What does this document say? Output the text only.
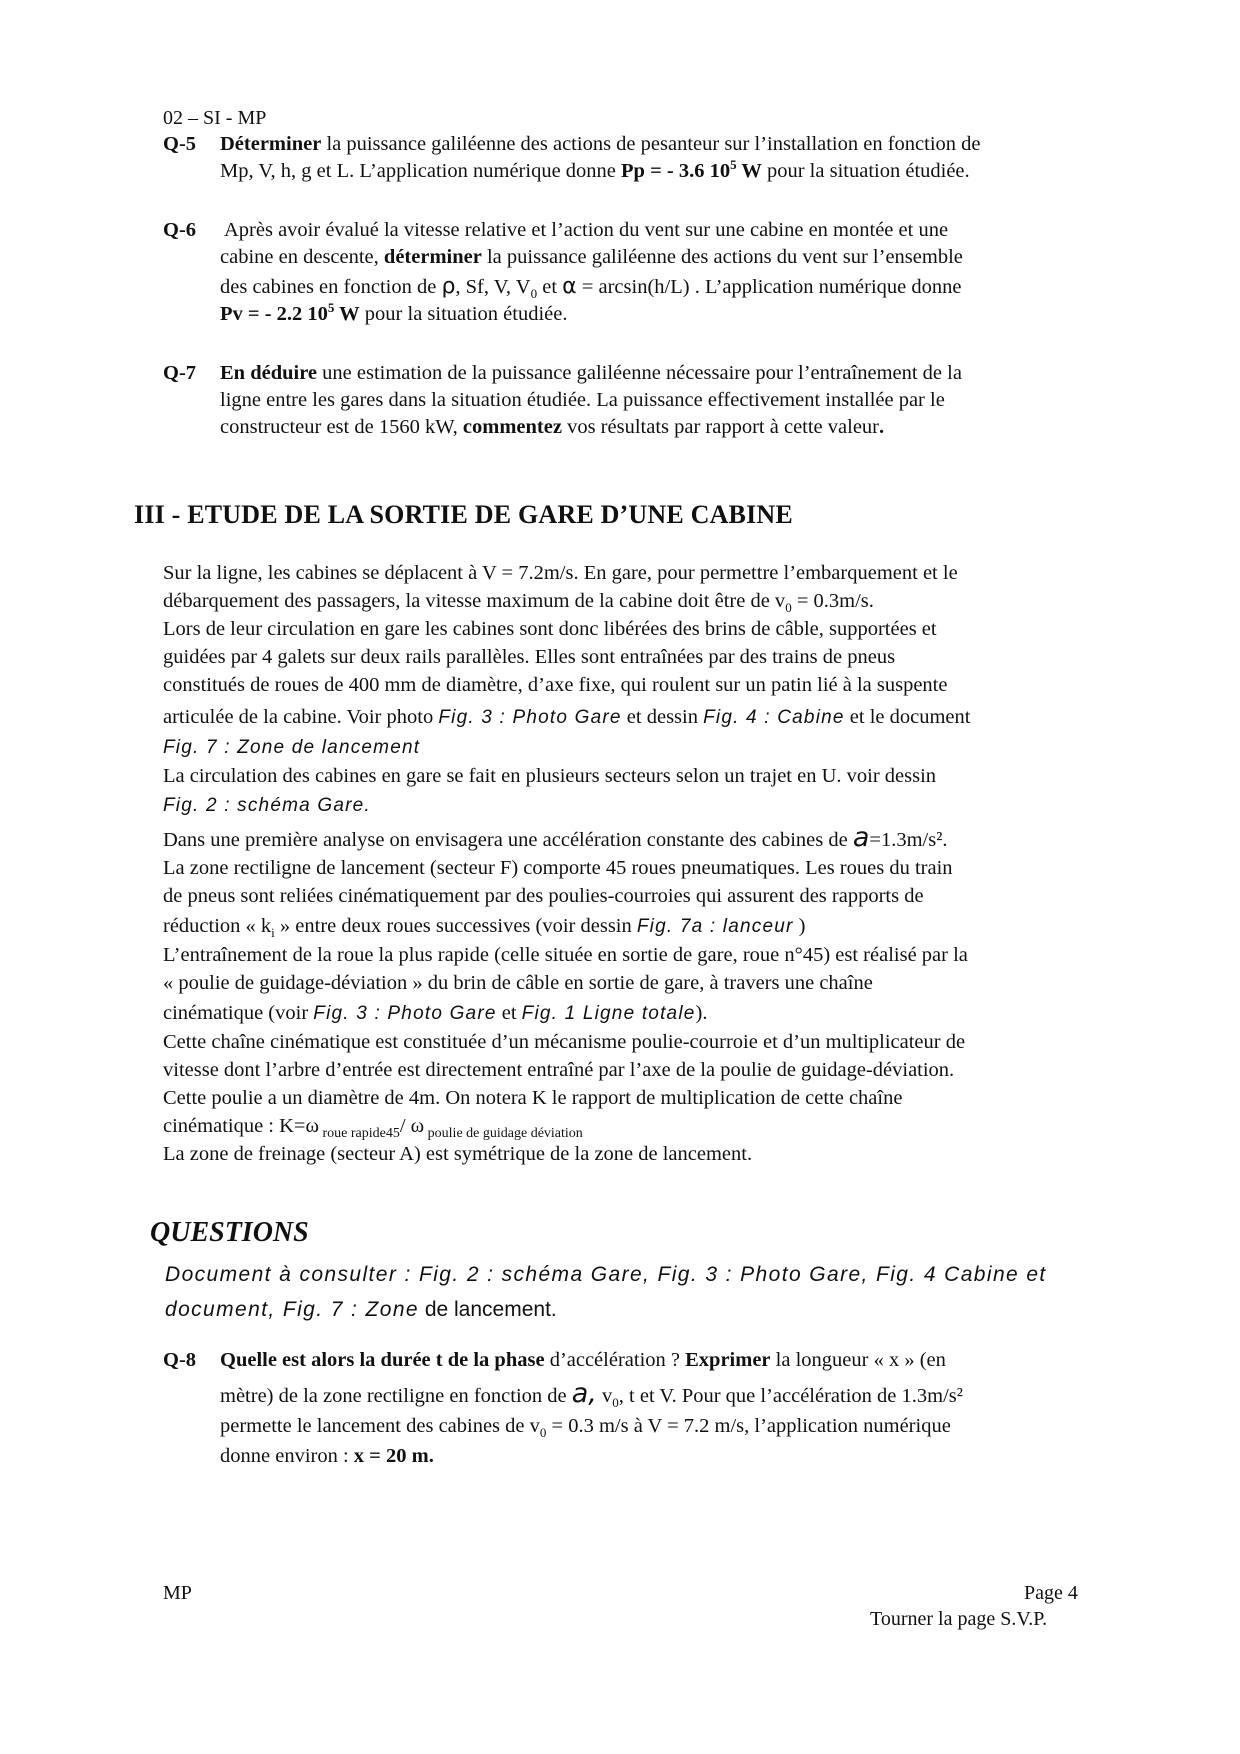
02 – SI - MP
Q-5 Déterminer la puissance galiléenne des actions de pesanteur sur l’installation en fonction de
Mp, V, h, g et L. L’application numérique donne Pp = - 3.6 $10^5$ W pour la situation étudiée.
Q-6 Après avoir évalué la vitesse relative et l’action du vent sur une cabine en montée et une
cabine en descente, déterminer la puissance galiléenne des actions du vent sur l’ensemble
des cabines en fonction de ρ, Sf, V, $V_0$ et α = arcsin(h/L) . L’application numérique donne
Pv = - 2.2 $10^5$ W pour la situation étudiée.
Q-7 En déduire une estimation de la puissance galiléenne nécessaire pour l’entraînement de la
ligne entre les gares dans la situation étudiée. La puissance effectivement installée par le
constructeur est de 1560 kW, commentez vos résultats par rapport à cette valeur.
III - ETUDE DE LA SORTIE DE GARE D’UNE CABINE
Sur la ligne, les cabines se déplacent à V = 7.2m/s. En gare, pour permettre l’embarquement et le
débarquement des passagers, la vitesse maximum de la cabine doit être de $v_0 = 0.3m/s$.
Lors de leur circulation en gare les cabines sont donc libérées des brins de câble, supportées et
guidées par 4 galets sur deux rails parallèles. Elles sont entraînées par des trains de pneus
constitués de roues de 400 mm de diamètre, d’axe fixe, qui roulent sur un patin lié à la suspente
articulée de la cabine. Voir photo Fig. 3 : Photo Gare et dessin Fig. 4 : Cabine et le document
Fig. 7 : Zone de lancement
La circulation des cabines en gare se fait en plusieurs secteurs selon un trajet en U. voir dessin
Fig. 2 : schéma Gare.
Dans une première analyse on envisagera une accélération constante des cabines de a=1.3m/s².
La zone rectiligne de lancement (secteur F) comporte 45 roues pneumatiques. Les roues du train
de pneus sont reliées cinématiquement par des poulies-courroies qui assurent des rapports de
réduction « $k_i$ » entre deux roues successives (voir dessin Fig. 7a : lanceur )
L’entraînement de la roue la plus rapide (celle située en sortie de gare, roue n°45) est réalisé par la
« poulie de guidage-déviation » du brin de câble en sortie de gare, à travers une chaîne
cinématique (voir Fig. 3 : Photo Gare et Fig. 1 Ligne totale).
Cette chaîne cinématique est constituée d’un mécanisme poulie-courroie et d’un multiplicateur de
vitesse dont l’arbre d’entrée est directement entraîné par l’axe de la poulie de guidage-déviation.
Cette poulie a un diamètre de 4m. On notera K le rapport de multiplication de cette chaîne
cinématique : K=ω $_{roue rapide45}$/ ω $_{poulie de guidage déviation}$
La zone de freinage (secteur A) est symétrique de la zone de lancement.
QUESTIONS
Document à consulter : Fig. 2 : schéma Gare, Fig. 3 : Photo Gare, Fig. 4 Cabine et
document, Fig. 7 : Zone de lancement.
Q-8 Quelle est alors la durée t de la phase d’accélération ? Exprimer la longueur « x » (en
mètre) de la zone rectiligne en fonction de a, $v_0$, t et V. Pour que l’accélération de 1.3m/s²
permette le lancement des cabines de $v_0 = 0.3$ m/s à V = 7.2 m/s, l’application numérique
donne environ : x = 20 m.
MP	Page 4
Tourner la page S.V.P.
